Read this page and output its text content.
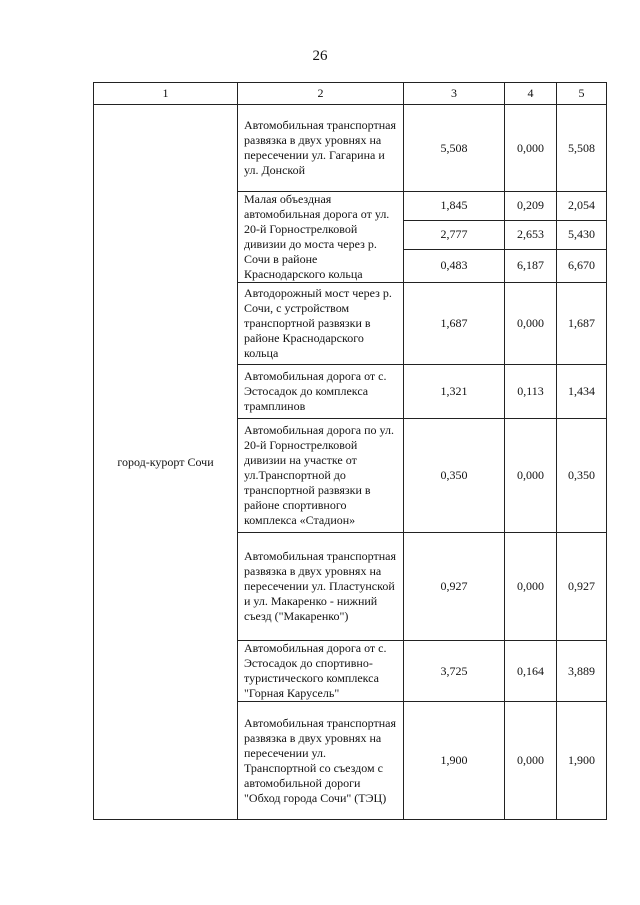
26
1	2	3	4	5
город-курорт Сочи	Автомобильная транспортная развязка в двух уровнях на пересечении ул. Гагарина и ул. Донской	5,508	0,000	5,508
	Малая объездная автомобильная дорога от ул. 20-й Горнострелковой дивизии до моста через р. Сочи в районе Краснодарского кольца	1,845	0,209	2,054
		2,777	2,653	5,430
		0,483	6,187	6,670
	Автодорожный мост через р. Сочи, с устройством транспортной развязки в районе Краснодарского кольца	1,687	0,000	1,687
	Автомобильная дорога от с. Эстосадок до комплекса трамплинов	1,321	0,113	1,434
	Автомобильная дорога по ул. 20-й Горнострелковой дивизии на участке от ул.Транспортной до транспортной развязки в районе спортивного комплекса «Стадион»	0,350	0,000	0,350
	Автомобильная транспортная развязка в двух уровнях на пересечении ул. Пластунской и ул. Макаренко - нижний съезд ("Макаренко")	0,927	0,000	0,927
	Автомобильная дорога от с. Эстосадок до спортивно-туристического комплекса "Горная Карусель"	3,725	0,164	3,889
	Автомобильная транспортная развязка в двух уровнях на пересечении ул. Транспортной со съездом с автомобильной дороги "Обход города Сочи" (ТЭЦ)	1,900	0,000	1,900
